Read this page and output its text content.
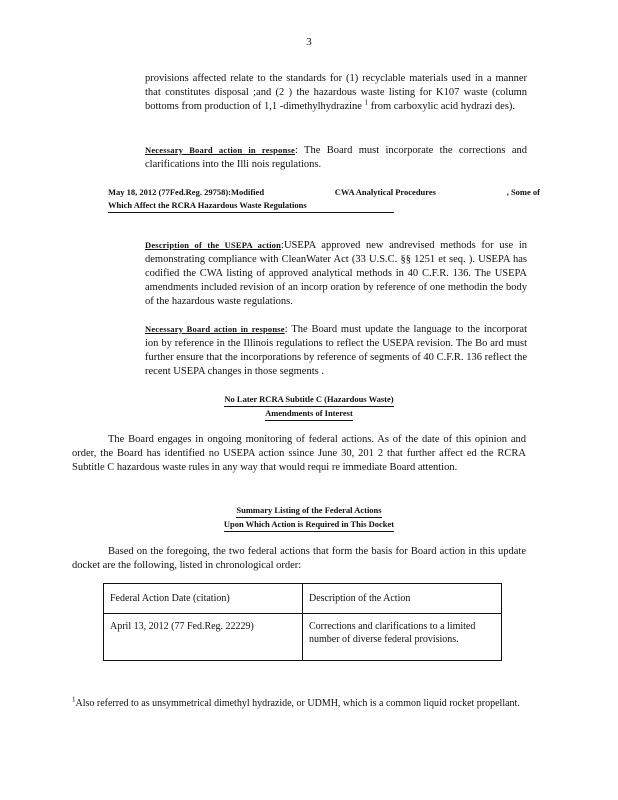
3

provisions affected relate to the standards for (1) recyclable materials used in a manner that constitutes disposal ;and (2 ) the hazardous waste listing for K107 waste (column bottoms from production of 1,1 -dimethylhydrazine $^1$ from carboxylic acid hydrazi des).

Necessary Board action in response: The Board must incorporate the corrections and clarifications into the Illi nois regulations.

May 18, 2012 (77Fed.Reg. 29758):Modified	CWA Analytical Procedures	, Some of
Which Affect the RCRA Hazardous Waste Regulations

Description of the USEPA action:USEPA approved new andrevised methods for use in demonstrating compliance with CleanWater Act (33 U.S.C. §§ 1251 et seq. ). USEPA has codified the CWA listing of approved analytical methods in 40 C.F.R. 136. The USEPA amendments included revision of an incorp oration by reference of one methodin the body of the hazardous waste regulations.

Necessary Board action in response: The Board must update the language to the incorporat ion by reference in the Illinois regulations to reflect the USEPA revision. The Bo ard must further ensure that the incorporations by reference of segments of 40 C.F.R. 136 reflect the recent USEPA changes in those segments .

No Later RCRA Subtitle C (Hazardous Waste)
Amendments of Interest

The Board engages in ongoing monitoring of federal actions. As of the date of this opinion and order, the Board has identified no USEPA action ssince June 30, 201 2 that further affect ed the RCRA Subtitle C hazardous waste rules in any way that would requi re immediate Board attention.

Summary Listing of the Federal Actions
Upon Which Action is Required in This Docket

Based on the foregoing, the two federal actions that form the basis for Board action in this update docket are the following, listed in chronological order:

Federal Action Date (citation)	Description of the Action
April 13, 2012 (77 Fed.Reg. 22229)	Corrections and clarifications to a limited number of diverse federal provisions.
$^1$Also referred to as unsymmetrical dimethyl hydrazide, or UDMH, which is a common liquid rocket propellant.
